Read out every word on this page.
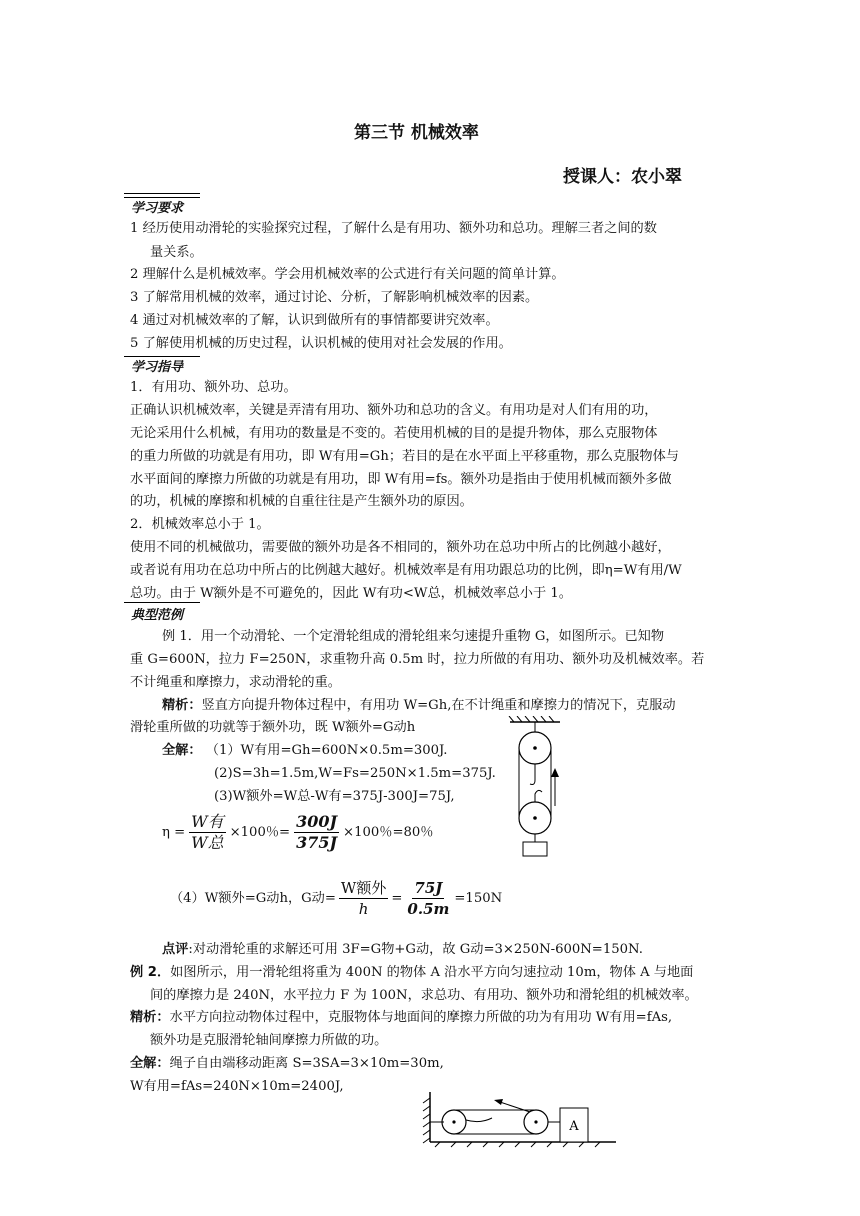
第三节 机械效率
授课人：农小翠
学习要求
1 经历使用动滑轮的实验探究过程，了解什么是有用功、额外功和总功。理解三者之间的数
量关系。
2 理解什么是机械效率。学会用机械效率的公式进行有关问题的简单计算。
3 了解常用机械的效率，通过讨论、分析，了解影响机械效率的因素。
4 通过对机械效率的了解，认识到做所有的事情都要讲究效率。
5 了解使用机械的历史过程，认识机械的使用对社会发展的作用。
学习指导
1．有用功、额外功、总功。
正确认识机械效率，关键是弄清有用功、额外功和总功的含义。有用功是对人们有用的功，
无论采用什么机械，有用功的数量是不变的。若使用机械的目的是提升物体，那么克服物体
的重力所做的功就是有用功，即 W有用=Gh；若目的是在水平面上平移重物，那么克服物体与
水平面间的摩擦力所做的功就是有用功，即 W有用=fs。额外功是指由于使用机械而额外多做
的功，机械的摩擦和机械的自重往往是产生额外功的原因。
2．机械效率总小于 1。
使用不同的机械做功，需要做的额外功是各不相同的，额外功在总功中所占的比例越小越好，
或者说有用功在总功中所占的比例越大越好。机械效率是有用功跟总功的比例，即η=W有用/W
总功。由于 W额外是不可避免的，因此 W有功<W总，机械效率总小于 1。
典型范例
例 1．用一个动滑轮、一个定滑轮组成的滑轮组来匀速提升重物 G，如图所示。已知物
重 G=600N，拉力 F=250N，求重物升高 0.5m 时，拉力所做的有用功、额外功及机械效率。若
不计绳重和摩擦力，求动滑轮的重。
精析：竖直方向提升物体过程中，有用功 W=Gh,在不计绳重和摩擦力的情况下，克服动
滑轮重所做的功就等于额外功，既 W额外=G动h
全解： （1）W有用=Gh=600N×0.5m=300J.
(2)S=3h=1.5m,W=Fs=250N×1.5m=375J.
(3)W额外=W总-W有=375J-300J=75J,
$\eta = \frac{\text{W有}}{\text{W总}} \times 100$％= $\frac{300J}{375J} \times 100$％=80％
（4）W额外=G动h，G动= $\frac{\text{W额外}}{h} = \frac{75J}{0.5m} =150N$
点评:对动滑轮重的求解还可用 3F=G物+G动，故 G动=3×250N-600N=150N.
例 2．如图所示，用一滑轮组将重为 400N 的物体 A 沿水平方向匀速拉动 10m，物体 A 与地面
间的摩擦力是 240N，水平拉力 F 为 100N，求总功、有用功、额外功和滑轮组的机械效率。
精析：水平方向拉动物体过程中，克服物体与地面间的摩擦力所做的功为有用功 W有用=fAs,
额外功是克服滑轮轴间摩擦力所做的功。
全解：绳子自由端移动距离 S=3SA=3×10m=30m,
W有用=fAs=240N×10m=2400J,
A
